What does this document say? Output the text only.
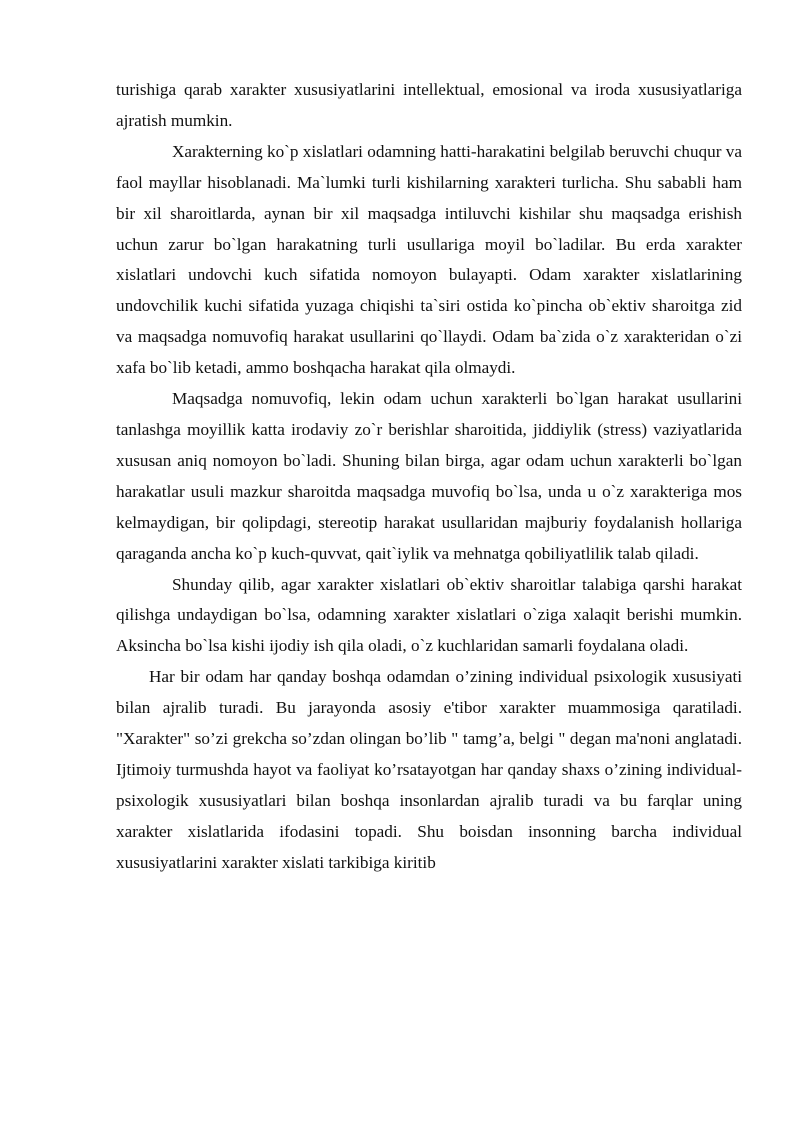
turishiga qarab xarakter xususiyatlarini intellektual, emosional va iroda xususiyatlariga ajratish mumkin.

Xarakterning ko`p xislatlari odamning hatti-harakatini belgilab beruvchi chuqur va faol mayllar hisoblanadi. Ma`lumki turli kishilarning xarakteri turlicha. Shu sababli ham bir xil sharoitlarda, aynan bir xil maqsadga intiluvchi kishilar shu maqsadga erishish uchun zarur bo`lgan harakatning turli usullariga moyil bo`ladilar. Bu erda xarakter xislatlari undovchi kuch sifatida nomoyon bulayapti. Odam xarakter xislatlarining undovchilik kuchi sifatida yuzaga chiqishi ta`siri ostida ko`pincha ob`ektiv sharoitga zid va maqsadga nomuvofiq harakat usullarini qo`llaydi. Odam ba`zida o`z xarakteridan o`zi xafa bo`lib ketadi, ammo boshqacha harakat qila olmaydi.

Maqsadga nomuvofiq, lekin odam uchun xarakterli bo`lgan harakat usullarini tanlashga moyillik katta irodaviy zo`r berishlar sharoitida, jiddiylik (stress) vaziyatlarida xususan aniq nomoyon bo`ladi. Shuning bilan birga, agar odam uchun xarakterli bo`lgan harakatlar usuli mazkur sharoitda maqsadga muvofiq bo`lsa, unda u o`z xarakteriga mos kelmaydigan, bir qolipdagi, stereotip harakat usullaridan majburiy foydalanish hollariga qaraganda ancha ko`p kuch-quvvat, qait`iylik va mehnatga qobiliyatlilik talab qiladi.

Shunday qilib, agar xarakter xislatlari ob`ektiv sharoitlar talabiga qarshi harakat qilishga undaydigan bo`lsa, odamning xarakter xislatlari o`ziga xalaqit berishi mumkin. Aksincha bo`lsa kishi ijodiy ish qila oladi, o`z kuchlaridan samarli foydalana oladi.

Har bir odam har qanday boshqa odamdan o’zining individual psixologik xususiyati bilan ajralib turadi. Bu jarayonda asosiy e'tibor xarakter muammosiga qaratiladi. "Xarakter" so’zi grekcha so’zdan olingan bo’lib " tamg’a, belgi " degan ma'noni anglatadi. Ijtimoiy turmushda hayot va faoliyat ko’rsatayotgan har qanday shaxs o’zining individual-psixologik xususiyatlari bilan boshqa insonlardan ajralib turadi va bu farqlar uning xarakter xislatlarida ifodasini topadi. Shu boisdan insonning barcha individual xususiyatlarini xarakter xislati tarkibiga kiritib
